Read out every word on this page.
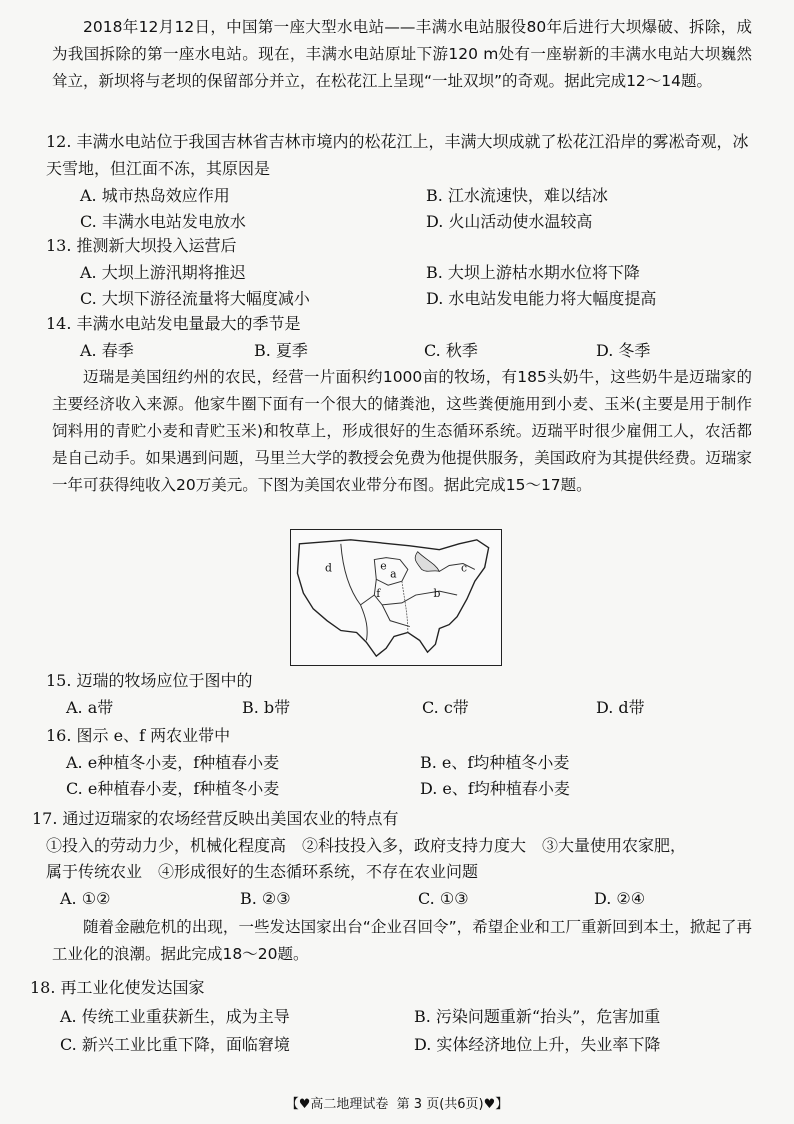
2018年12月12日，中国第一座大型水电站——丰满水电站服役80年后进行大坝爆破、拆除，成为我国拆除的第一座水电站。现在，丰满水电站原址下游120 m处有一座崭新的丰满水电站大坝巍然耸立，新坝将与老坝的保留部分并立，在松花江上呈现“一址双坝”的奇观。据此完成12～14题。
12. 丰满水电站位于我国吉林省吉林市境内的松花江上，丰满大坝成就了松花江沿岸的雾凇奇观，冰天雪地，但江面不冻，其原因是
A. 城市热岛效应作用	B. 江水流速快，难以结冰
C. 丰满水电站发电放水	D. 火山活动使水温较高
13. 推测新大坝投入运营后
A. 大坝上游汛期将推迟	B. 大坝上游枯水期水位将下降
C. 大坝下游径流量将大幅度减小	D. 水电站发电能力将大幅度提高
14. 丰满水电站发电量最大的季节是
A. 春季	B. 夏季	C. 秋季	D. 冬季
迈瑞是美国纽约州的农民，经营一片面积约1000亩的牧场，有185头奶牛，这些奶牛是迈瑞家的主要经济收入来源。他家牛圈下面有一个很大的储粪池，这些粪便施用到小麦、玉米(主要是用于制作饲料用的青贮小麦和青贮玉米)和牧草上，形成很好的生态循环系统。迈瑞平时很少雇佣工人，农活都是自己动手。如果遇到问题，马里兰大学的教授会免费为他提供服务，美国政府为其提供经费。迈瑞家一年可获得纯收入20万美元。下图为美国农业带分布图。据此完成15～17题。
d	e
a	c
f	b
15. 迈瑞的牧场应位于图中的
A. a带	B. b带	C. c带	D. d带
16. 图示 e、f 两农业带中
A. e种植冬小麦，f种植春小麦	B. e、f均种植冬小麦
C. e种植春小麦，f种植冬小麦	D. e、f均种植春小麦
17. 通过迈瑞家的农场经营反映出美国农业的特点有
①投入的劳动力少，机械化程度高　②科技投入多，政府支持力度大　③大量使用农家肥，
属于传统农业　④形成很好的生态循环系统，不存在农业问题
A. ①②	B. ②③	C. ①③	D. ②④
随着金融危机的出现，一些发达国家出台“企业召回令”，希望企业和工厂重新回到本土，掀起了再工业化的浪潮。据此完成18～20题。
18. 再工业化使发达国家
A. 传统工业重获新生，成为主导	B. 污染问题重新“抬头”，危害加重
C. 新兴工业比重下降，面临窘境	D. 实体经济地位上升，失业率下降
【♥高二地理试卷 第 3 页(共6页)♥】
